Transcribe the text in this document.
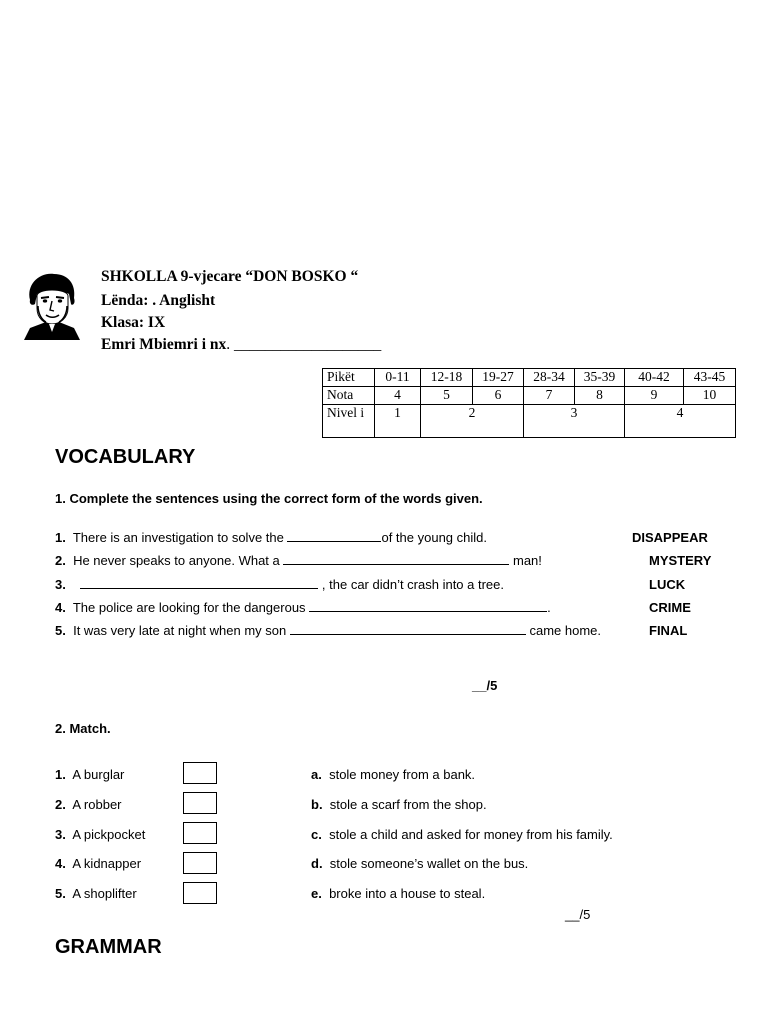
SHKOLLA 9-vjecare “DON BOSKO “
Lënda: . Anglisht
Klasa: IX
Emri Mbiemri i nx. ___________________
Pikët	0-11	12-18	19-27	28-34	35-39	40-42	43-45
Nota	4	5	6	7	8	9	10
Nivel i	1	2		3		4	
VOCABULARY
1. Complete the sentences using the correct form of the words given.
1. There is an investigation to solve the	of the young child.	DISAPPEAR
2. He never speaks to anyone. What a	man!	MYSTERY
3.	, the car didn’t crash into a tree.	LUCK
4. The police are looking for the dangerous	.	CRIME
5. It was very late at night when my son	came home.	FINAL
__/5
2. Match.
1. A burglar	a. stole money from a bank.
2. A robber	b. stole a scarf from the shop.
3. A pickpocket	c. stole a child and asked for money from his family.
4. A kidnapper	d. stole someone’s wallet on the bus.
5. A shoplifter	e. broke into a house to steal.
__/5
GRAMMAR
